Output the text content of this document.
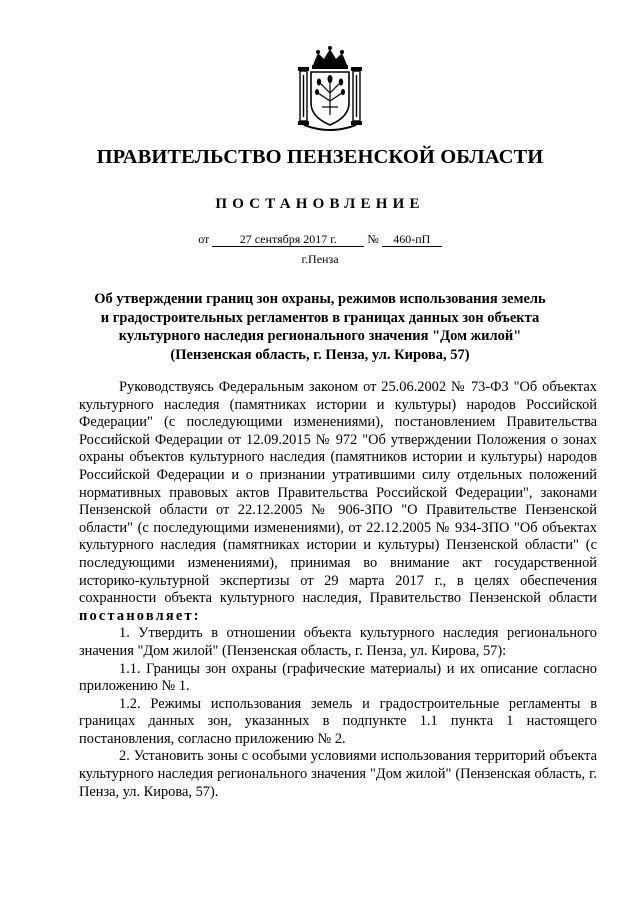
ПРАВИТЕЛЬСТВО ПЕНЗЕНСКОЙ ОБЛАСТИ
ПОСТАНОВЛЕНИЕ
от	27 сентября 2017 г.	№ 460-пП
г.Пенза
Об утверждении границ зон охраны, режимов использования земель
и градостроительных регламентов в границах данных зон объекта
культурного наследия регионального значения "Дом жилой"
(Пензенская область, г. Пенза, ул. Кирова, 57)

Руководствуясь Федеральным законом от 25.06.2002 № 73-ФЗ "Об объектах культурного наследия (памятниках истории и культуры) народов Российской Федерации" (с последующими изменениями), постановлением Правительства Российской Федерации от 12.09.2015 № 972 "Об утверждении Положения о зонах охраны объектов культурного наследия (памятников истории и культуры) народов Российской Федерации и о признании утратившими силу отдельных положений нормативных правовых актов Правительства Российской Федерации", законами Пензенской области от 22.12.2005 № 906-ЗПО "О Правительстве Пензенской области" (с последующими изменениями), от 22.12.2005 № 934-ЗПО "Об объектах культурного наследия (памятниках истории и культуры) Пензенской области" (с последующими изменениями), принимая во внимание акт государственной историко-культурной экспертизы от 29 марта 2017 г., в целях обеспечения сохранности объекта культурного наследия, Правительство Пензенской области постановляет:

1. Утвердить в отношении объекта культурного наследия регионального значения "Дом жилой" (Пензенская область, г. Пенза, ул. Кирова, 57):

1.1. Границы зон охраны (графические материалы) и их описание согласно приложению № 1.

1.2. Режимы использования земель и градостроительные регламенты в границах данных зон, указанных в подпункте 1.1 пункта 1 настоящего постановления, согласно приложению № 2.

2. Установить зоны с особыми условиями использования территорий объекта культурного наследия регионального значения "Дом жилой" (Пензенская область, г. Пенза, ул. Кирова, 57).
